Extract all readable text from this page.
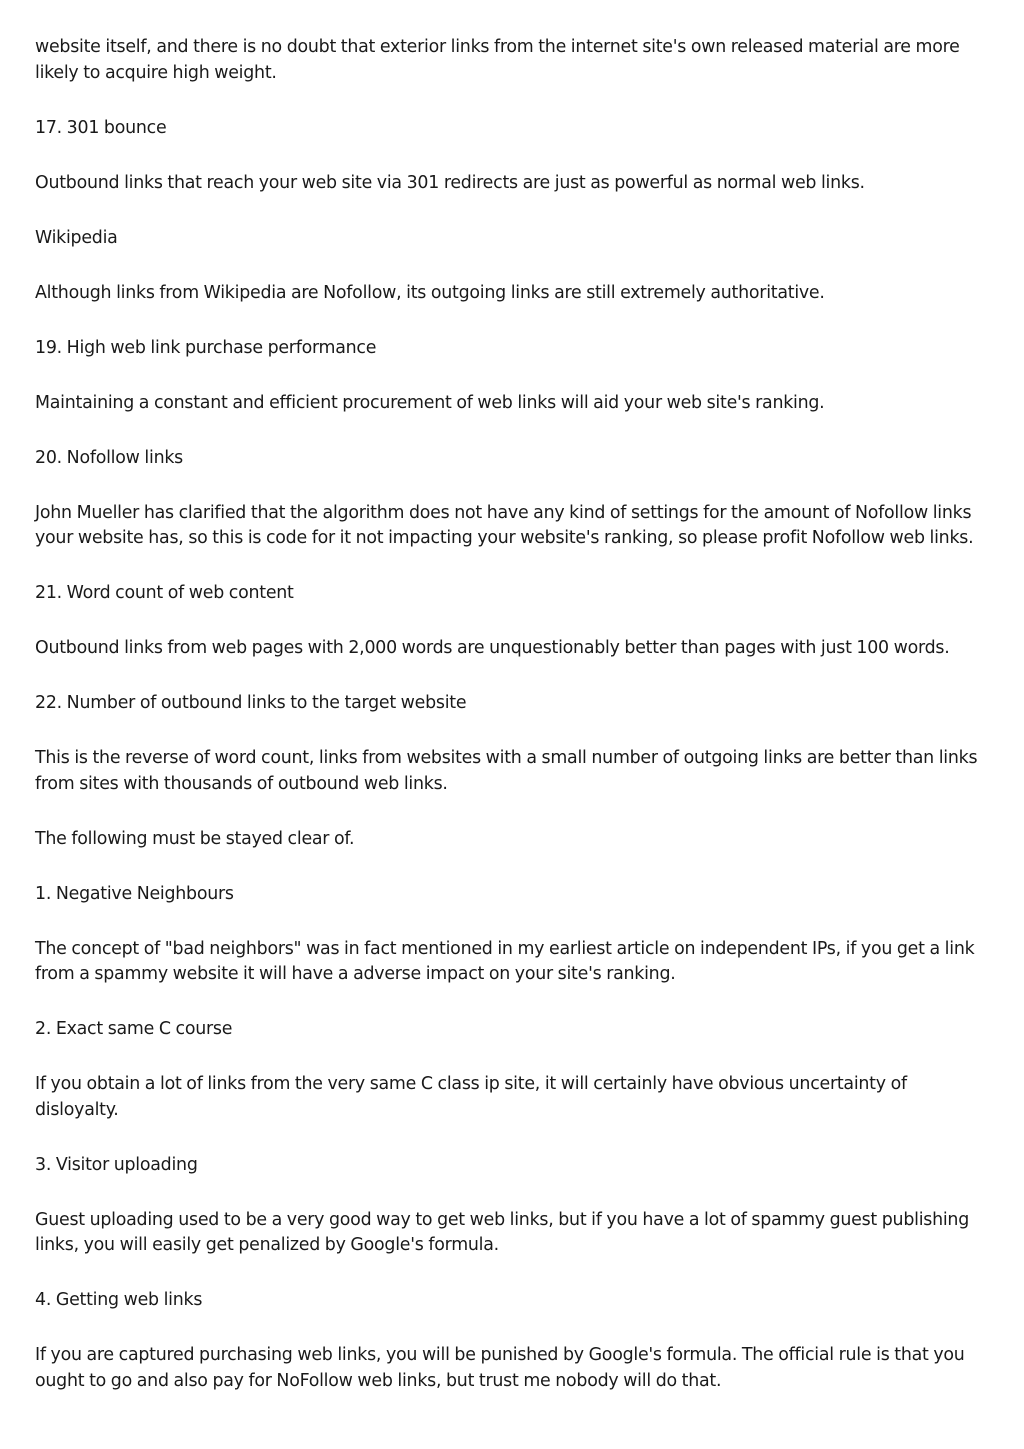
website itself, and there is no doubt that exterior links from the internet site's own released material are more likely to acquire high weight.

17. 301 bounce

Outbound links that reach your web site via 301 redirects are just as powerful as normal web links.

Wikipedia

Although links from Wikipedia are Nofollow, its outgoing links are still extremely authoritative.

19. High web link purchase performance

Maintaining a constant and efficient procurement of web links will aid your web site's ranking.

20. Nofollow links

John Mueller has clarified that the algorithm does not have any kind of settings for the amount of Nofollow links your website has, so this is code for it not impacting your website's ranking, so please profit Nofollow web links.

21. Word count of web content

Outbound links from web pages with 2,000 words are unquestionably better than pages with just 100 words.

22. Number of outbound links to the target website

This is the reverse of word count, links from websites with a small number of outgoing links are better than links from sites with thousands of outbound web links.

The following must be stayed clear of.

1. Negative Neighbours

The concept of "bad neighbors" was in fact mentioned in my earliest article on independent IPs, if you get a link from a spammy website it will have a adverse impact on your site's ranking.

2. Exact same C course

If you obtain a lot of links from the very same C class ip site, it will certainly have obvious uncertainty of disloyalty.

3. Visitor uploading

Guest uploading used to be a very good way to get web links, but if you have a lot of spammy guest publishing links, you will easily get penalized by Google's formula.

4. Getting web links

If you are captured purchasing web links, you will be punished by Google's formula. The official rule is that you ought to go and also pay for NoFollow web links, but trust me nobody will do that.
